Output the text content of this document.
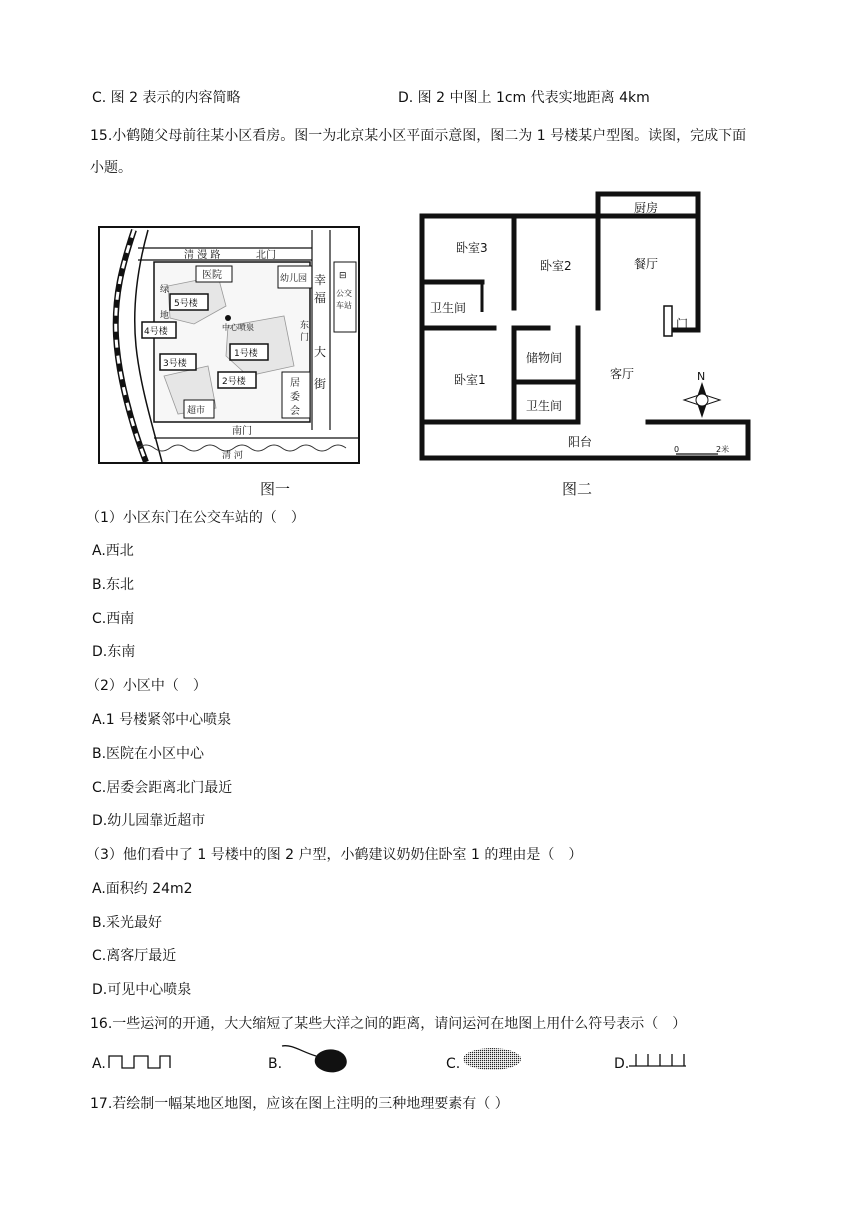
C. 图 2 表示的内容简略	D. 图 2 中图上 1cm 代表实地距离 4km
15.小鹤随父母前往某小区看房。图一为北京某小区平面示意图，图二为 1 号楼某户型图。读图，完成下面
小题。
清 漫 路	北门
医院	幼儿园
绿
地
5号楼
4号楼
3号楼
1号楼
2号楼
中心喷泉
超市
居
委
会
幸
福
大
街
东
门
⊟
公交
车站
南门
清 河
图一
卧室3
卧室2
厨房
餐厅
卫生间
门
储物间
卧室1	客厅
卫生间
阳台
N
0	2米
图二
（1）小区东门在公交车站的（　）
A.西北
B.东北
C.西南
D.东南
（2）小区中（　）
A.1 号楼紧邻中心喷泉
B.医院在小区中心
C.居委会距离北门最近
D.幼儿园靠近超市
（3）他们看中了 1 号楼中的图 2 户型，小鹤建议奶奶住卧室 1 的理由是（　）
A.面积约 24m2
B.采光最好
C.离客厅最近
D.可见中心喷泉
16.一些运河的开通，大大缩短了某些大洋之间的距离，请问运河在地图上用什么符号表示（　）
A.	B.	C.	D.
17.若绘制一幅某地区地图，应该在图上注明的三种地理要素有（ ）
